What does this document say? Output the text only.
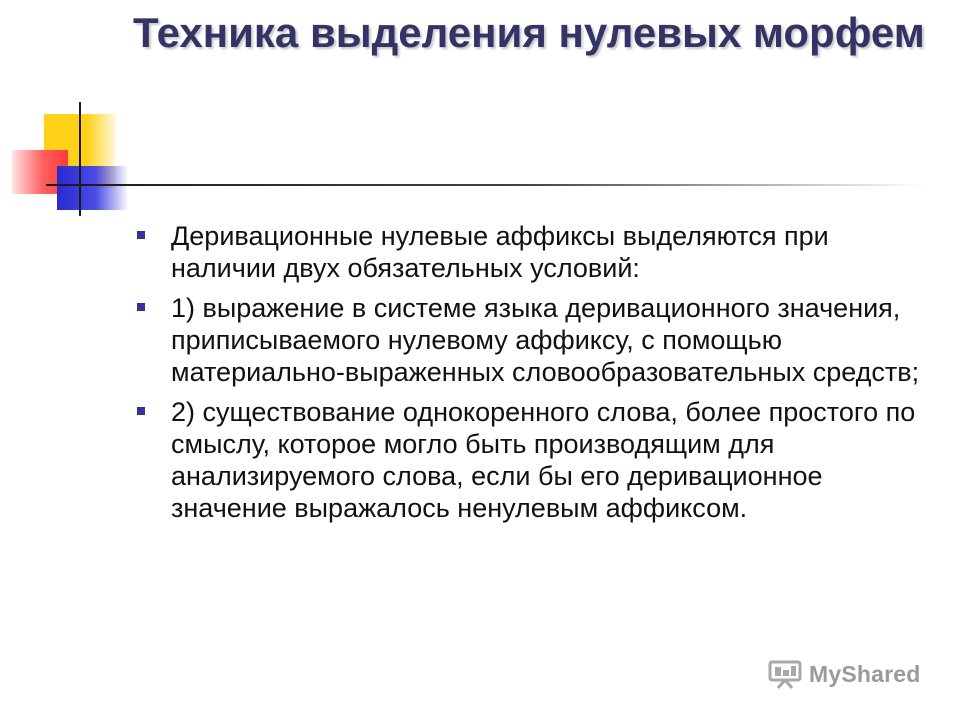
Техника выделения нулевых морфем
Деривационные нулевые аффиксы выделяются при наличии двух обязательных условий:
1) выражение в системе языка деривационного значения, приписываемого нулевому аффиксу, с помощью материально-выраженных словообразовательных средств;
2) существование однокоренного слова, более простого по смыслу, которое могло быть производящим для анализируемого слова, если бы его деривационное значение выражалось ненулевым аффиксом.
MyShared
